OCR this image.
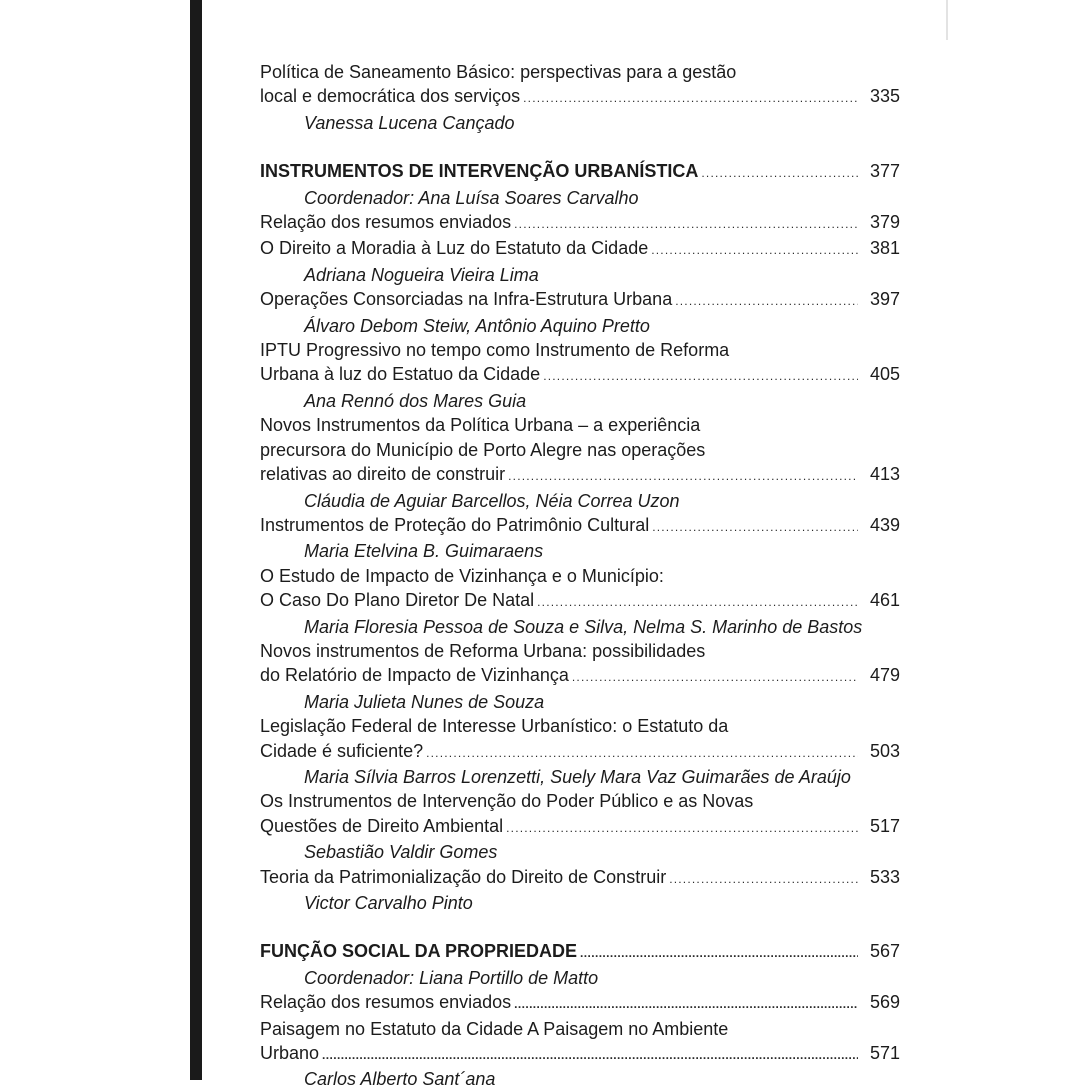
Política de Saneamento Básico: perspectivas para a gestão
local e democrática dos serviços .....	335
Vanessa Lucena Cançado
INSTRUMENTOS DE INTERVENÇÃO URBANÍSTICA .....	377
Coordenador: Ana Luísa Soares Carvalho
Relação dos resumos enviados .....	379
O Direito a Moradia à Luz do Estatuto da Cidade .....	381
Adriana Nogueira Vieira Lima
Operações Consorciadas na Infra-Estrutura Urbana .....	397
Álvaro Debom Steiw, Antônio Aquino Pretto
IPTU Progressivo no tempo como Instrumento de Reforma
Urbana à luz do Estatuo da Cidade .....	405
Ana Rennó dos Mares Guia
Novos Instrumentos da Política Urbana – a experiência
precursora do Município de Porto Alegre nas operações
relativas ao direito de construir .....	413
Cláudia de Aguiar Barcellos, Néia Correa Uzon
Instrumentos de Proteção do Patrimônio Cultural .....	439
Maria Etelvina B. Guimaraens
O Estudo de Impacto de Vizinhança e o Município:
O Caso Do Plano Diretor De Natal .....	461
Maria Floresia Pessoa de Souza e Silva, Nelma S. Marinho de Bastos
Novos instrumentos de Reforma Urbana: possibilidades
do Relatório de Impacto de Vizinhança .....	479
Maria Julieta Nunes de Souza
Legislação Federal de Interesse Urbanístico: o Estatuto da
Cidade é suficiente? .....	503
Maria Sílvia Barros Lorenzetti, Suely Mara Vaz Guimarães de Araújo
Os Instrumentos de Intervenção do Poder Público e as Novas
Questões de Direito Ambiental .....	517
Sebastião Valdir Gomes
Teoria da Patrimonialização do Direito de Construir .....	533
Victor Carvalho Pinto
FUNÇÃO SOCIAL DA PROPRIEDADE .....	567
Coordenador: Liana Portillo de Matto
Relação dos resumos enviados .....	569
Paisagem no Estatuto da Cidade A Paisagem no Ambiente
Urbano .....	571
Carlos Alberto Sant´ana
